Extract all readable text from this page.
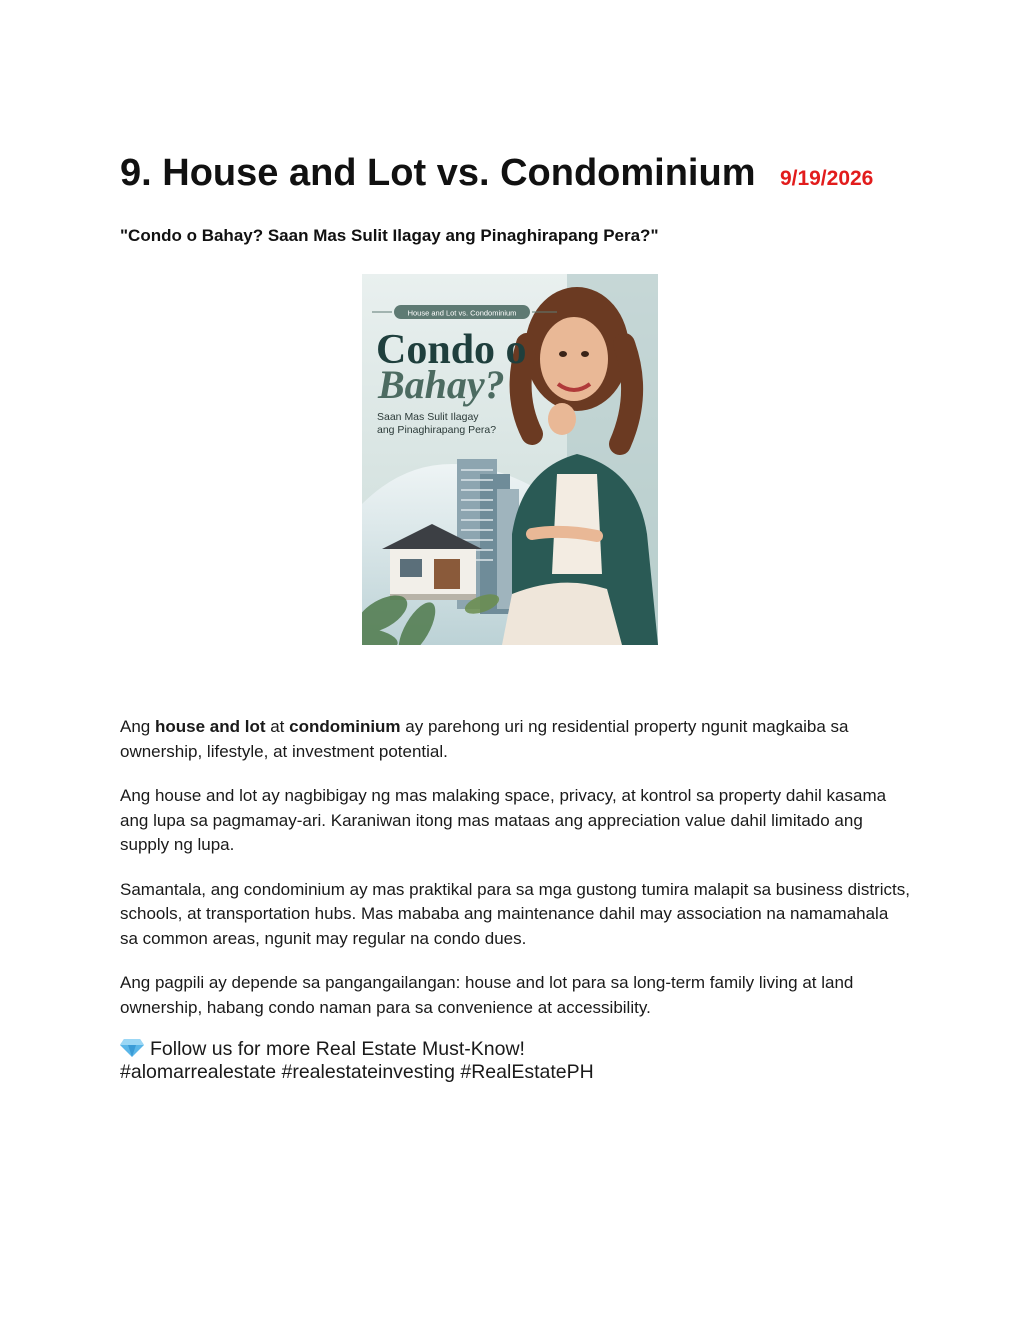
9. House and Lot vs. Condominium 9/19/2026
"Condo o Bahay? Saan Mas Sulit Ilagay ang Pinaghirapang Pera?"
House and Lot vs. Condominium
Condo o
Bahay?
Saan Mas Sulit Ilagay
ang Pinaghirapang Pera?

Ang house and lot at condominium ay parehong uri ng residential property ngunit magkaiba sa ownership, lifestyle, at investment potential.

Ang house and lot ay nagbibigay ng mas malaking space, privacy, at kontrol sa property dahil kasama ang lupa sa pagmamay-ari. Karaniwan itong mas mataas ang appreciation value dahil limitado ang supply ng lupa.

Samantala, ang condominium ay mas praktikal para sa mga gustong tumira malapit sa business districts, schools, at transportation hubs. Mas mababa ang maintenance dahil may association na namamahala sa common areas, ngunit may regular na condo dues.

Ang pagpili ay depende sa pangangailangan: house and lot para sa long-term family living at land ownership, habang condo naman para sa convenience at accessibility.

Follow us for more Real Estate Must-Know!
#alomarrealestate #realestateinvesting #RealEstatePH
